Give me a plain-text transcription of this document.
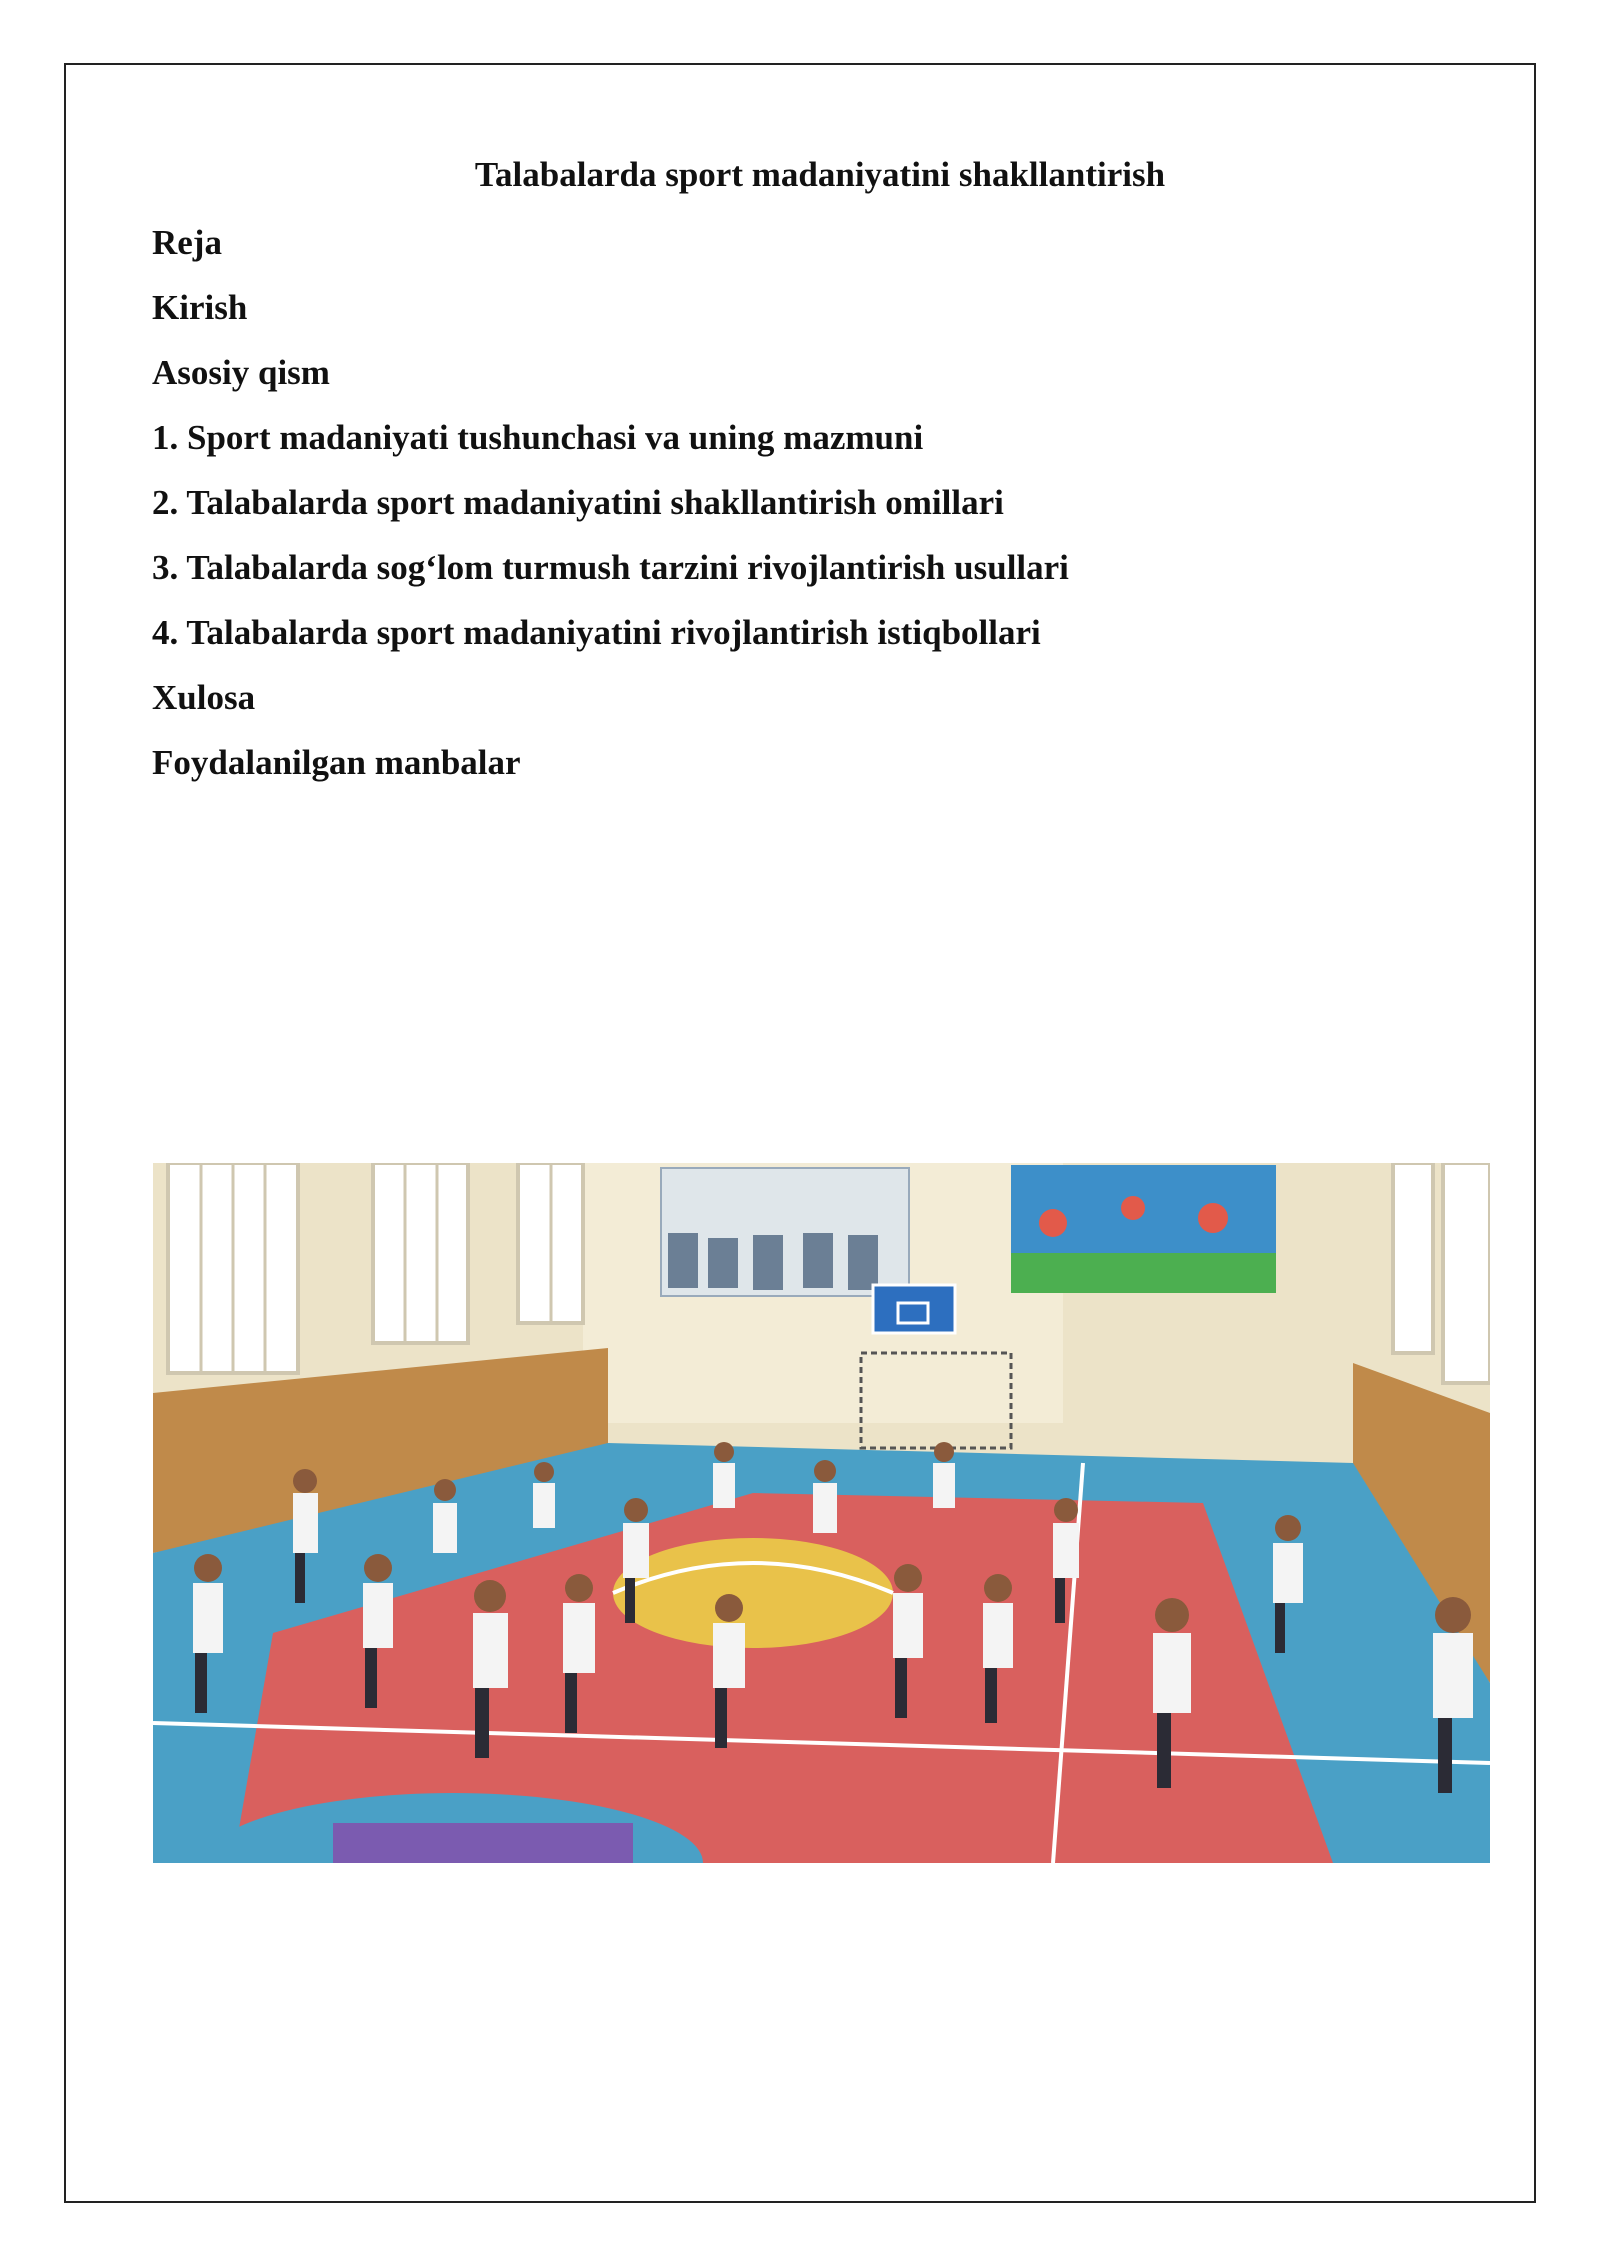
Talabalarda sport madaniyatini shakllantirish
Reja
Kirish
Asosiy qism
1. Sport madaniyati tushunchasi va uning mazmuni
2. Talabalarda sport madaniyatini shakllantirish omillari
3. Talabalarda sog‘lom turmush tarzini rivojlantirish usullari
4. Talabalarda sport madaniyatini rivojlantirish istiqbollari
Xulosa
Foydalanilgan manbalar
